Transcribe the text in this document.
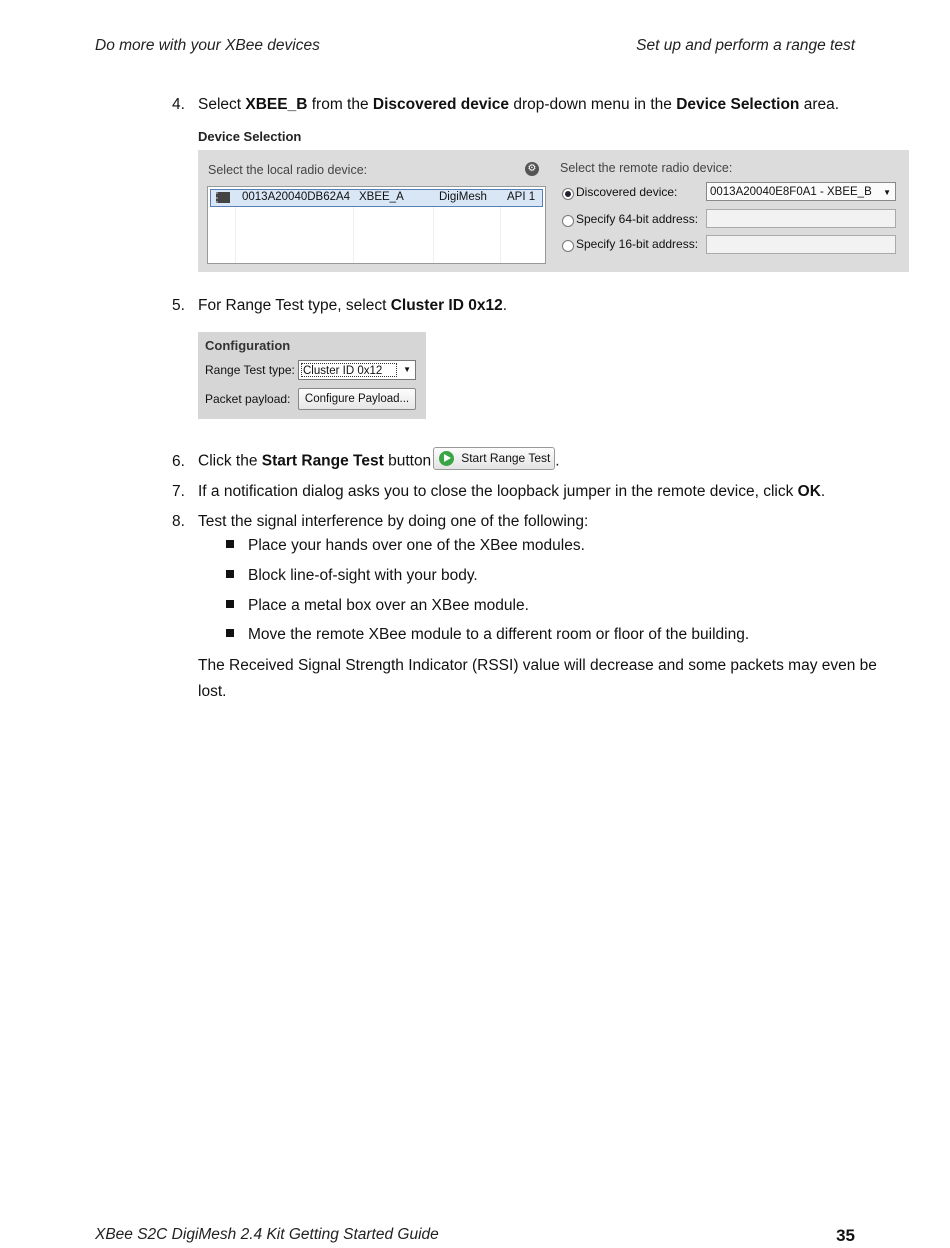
Do more with your XBee devices	Set up and perform a range test
4. Select XBEE_B from the Discovered device drop-down menu in the Device Selection area.
Device Selection
Select the local radio device:	⚙
0013A20040DB62A4 XBEE_A	DigiMesh API 1
Select the remote radio device:
Discovered device:	0013A20040E8F0A1 - XBEE_B ▼
Specify 64-bit address:
Specify 16-bit address:
5. For Range Test type, select Cluster ID 0x12.
Configuration
Range Test type: Cluster ID 0x12	▼
Packet payload:	Configure Payload...
6. Click the Start Range Test button	Start Range Test .
7. If a notification dialog asks you to close the loopback jumper in the remote device, click OK.
8. Test the signal interference by doing one of the following:
Place your hands over one of the XBee modules.
Block line-of-sight with your body.
Place a metal box over an XBee module.
Move the remote XBee module to a different room or floor of the building.
The Received Signal Strength Indicator (RSSI) value will decrease and some packets may even be lost.
XBee S2C DigiMesh 2.4 Kit Getting Started Guide	35
